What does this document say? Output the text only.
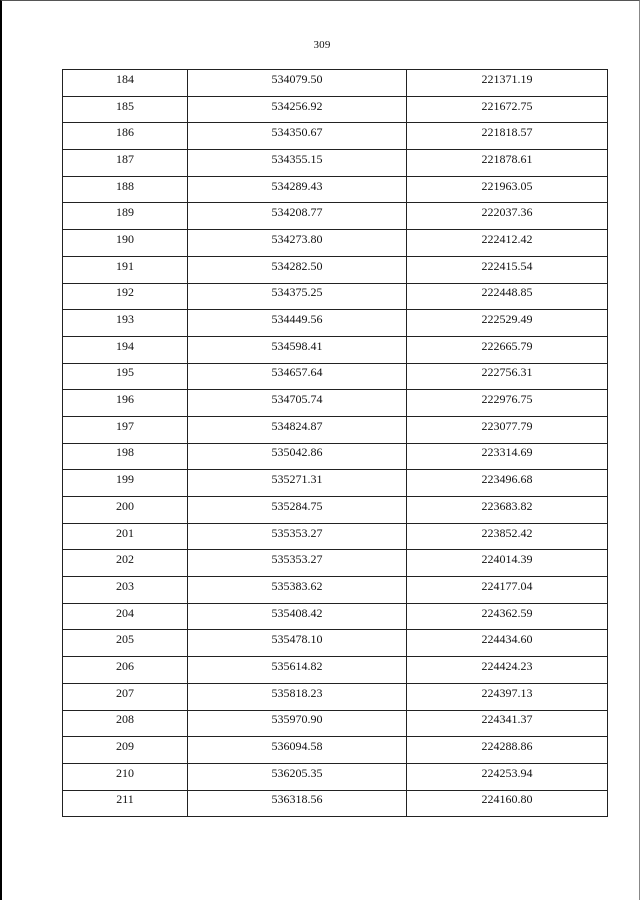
309
184	534079.50	221371.19
185	534256.92	221672.75
186	534350.67	221818.57
187	534355.15	221878.61
188	534289.43	221963.05
189	534208.77	222037.36
190	534273.80	222412.42
191	534282.50	222415.54
192	534375.25	222448.85
193	534449.56	222529.49
194	534598.41	222665.79
195	534657.64	222756.31
196	534705.74	222976.75
197	534824.87	223077.79
198	535042.86	223314.69
199	535271.31	223496.68
200	535284.75	223683.82
201	535353.27	223852.42
202	535353.27	224014.39
203	535383.62	224177.04
204	535408.42	224362.59
205	535478.10	224434.60
206	535614.82	224424.23
207	535818.23	224397.13
208	535970.90	224341.37
209	536094.58	224288.86
210	536205.35	224253.94
211	536318.56	224160.80
